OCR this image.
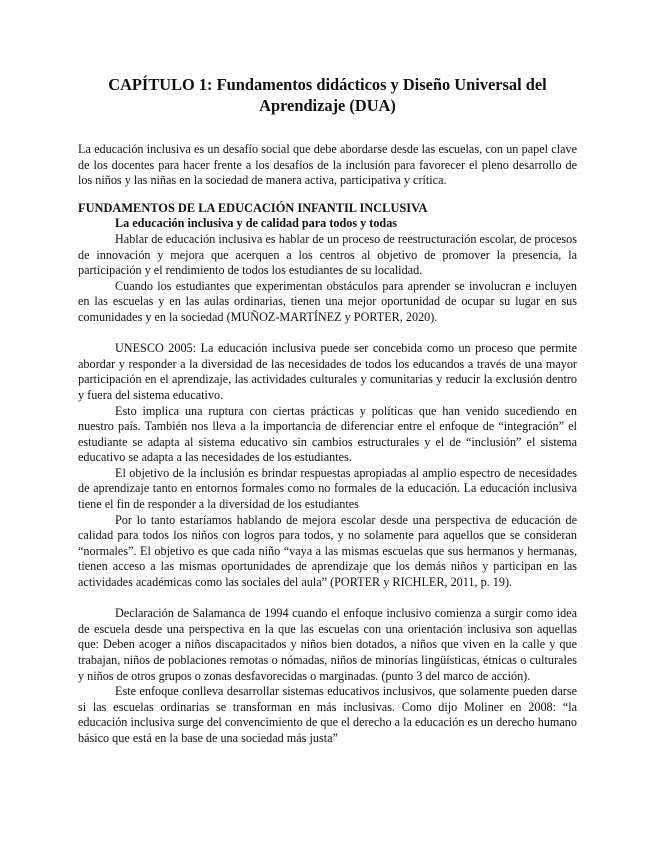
CAPÍTULO 1: Fundamentos didácticos y Diseño Universal del Aprendizaje (DUA)

La educación inclusiva es un desafío social que debe abordarse desde las escuelas, con un papel clave de los docentes para hacer frente a los desafíos de la inclusión para favorecer el pleno desarrollo de los niños y las niñas en la sociedad de manera activa, participativa y crítica.

FUNDAMENTOS DE LA EDUCACIÓN INFANTIL INCLUSIVA
La educación inclusiva y de calidad para todos y todas

Hablar de educación inclusiva es hablar de un proceso de reestructuración escolar, de procesos de innovación y mejora que acerquen a los centros al objetivo de promover la presencia, la participación y el rendimiento de todos los estudiantes de su localidad.

Cuando los estudiantes que experimentan obstáculos para aprender se involucran e incluyen en las escuelas y en las aulas ordinarias, tienen una mejor oportunidad de ocupar su lugar en sus comunidades y en la sociedad (MUÑOZ-MARTÍNEZ y PORTER, 2020).

UNESCO 2005: La educación inclusiva puede ser concebida como un proceso que permite abordar y responder a la diversidad de las necesidades de todos los educandos a través de una mayor participación en el aprendizaje, las actividades culturales y comunitarias y reducir la exclusión dentro y fuera del sistema educativo.

Esto implica una ruptura con ciertas prácticas y políticas que han venido sucediendo en nuestro país. También nos lleva a la importancia de diferenciar entre el enfoque de “integración” el estudiante se adapta al sistema educativo sin cambios estructurales y el de “inclusión” el sistema educativo se adapta a las necesidades de los estudiantes.

El objetivo de la inclusión es brindar respuestas apropiadas al amplio espectro de necesidades de aprendizaje tanto en entornos formales como no formales de la educación. La educación inclusiva tiene el fin de responder a la diversidad de los estudiantes

Por lo tanto estaríamos hablando de mejora escolar desde una perspectiva de educación de calidad para todos los niños con logros para todos, y no solamente para aquellos que se consideran “normales”. El objetivo es que cada niño “vaya a las mismas escuelas que sus hermanos y hermanas, tienen acceso a las mismas oportunidades de aprendizaje que los demás niños y participan en las actividades académicas como las sociales del aula” (PORTER y RICHLER, 2011, p. 19).

Declaración de Salamanca de 1994 cuando el enfoque inclusivo comienza a surgir como idea de escuela desde una perspectiva en la que las escuelas con una orientación inclusiva son aquellas que: Deben acoger a niños discapacitados y niños bien dotados, a niños que viven en la calle y que trabajan, niños de poblaciones remotas o nómadas, niños de minorías lingüísticas, étnicas o culturales y niños de otros grupos o zonas desfavorecidas o marginadas. (punto 3 del marco de acción).

Este enfoque conlleva desarrollar sistemas educativos inclusivos, que solamente pueden darse si las escuelas ordinarias se transforman en más inclusivas. Como dijo Moliner en 2008: “la educación inclusiva surge del convencimiento de que el derecho a la educación es un derecho humano básico que está en la base de una sociedad más justa”
